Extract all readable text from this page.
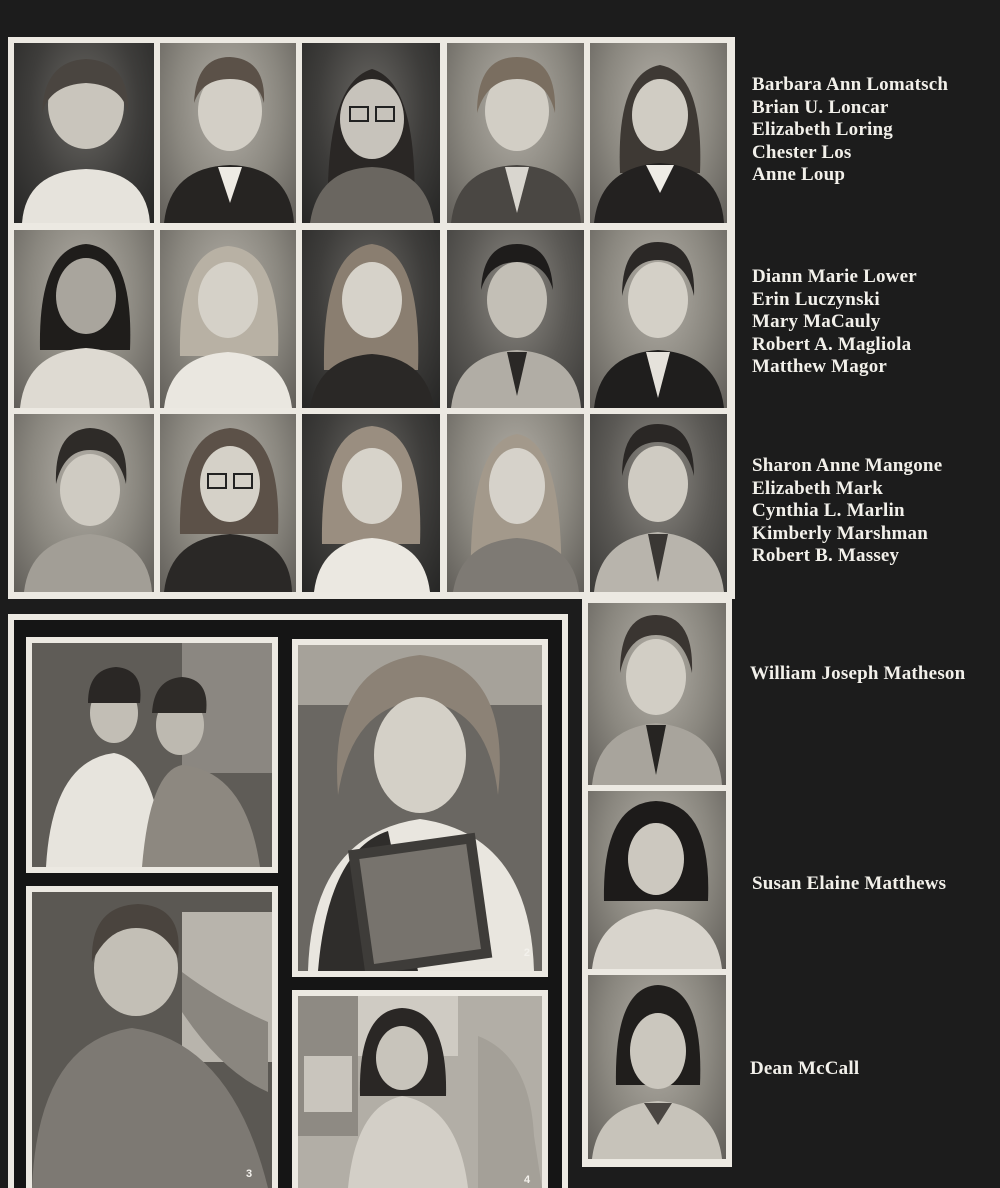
Barbara Ann Lomatsch
Brian U. Loncar
Elizabeth Loring
Chester Los
Anne Loup
Diann Marie Lower
Erin Luczynski
Mary MaCauly
Robert A. Magliola
Matthew Magor
Sharon Anne Mangone
Elizabeth Mark
Cynthia L. Marlin
Kimberly Marshman
Robert B. Massey
William Joseph Matheson
Susan Elaine Matthews
Dean McCall
2
3	4
